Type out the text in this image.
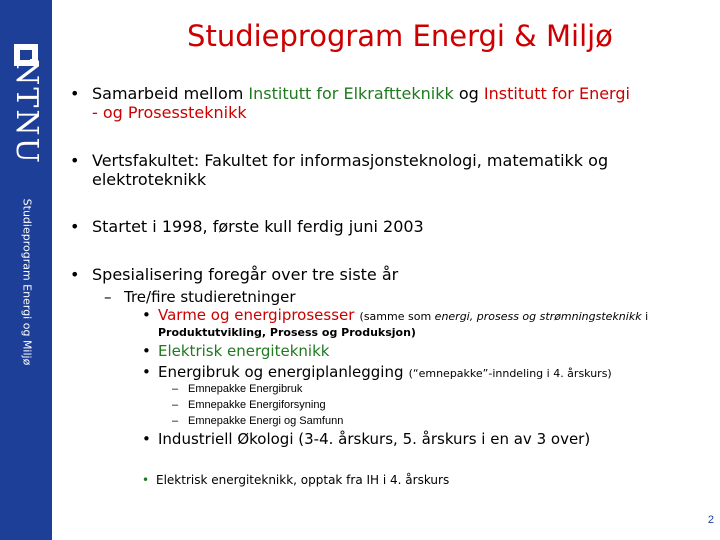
NTNU
Studieprogram Energi og Miljø
Studieprogram Energi & Miljø
• Samarbeid mellom Institutt for Elkraftteknikk og Institutt for Energi
- og Prosessteknikk
• Vertsfakultet: Fakultet for informasjonsteknologi, matematikk og
elektroteknikk
• Startet i 1998, første kull ferdig juni 2003
• Spesialisering foregår over tre siste år
– Tre/fire studieretninger
• Varme og energiprosesser (samme som energi, prosess og strømningsteknikk i
Produktutvikling, Prosess og Produksjon)
• Elektrisk energiteknikk
• Energibruk og energiplanlegging (“emnepakke”-inndeling i 4. årskurs)
– Emnepakke Energibruk
– Emnepakke Energiforsyning
– Emnepakke Energi og Samfunn
• Industriell Økologi (3-4. årskurs, 5. årskurs i en av 3 over)
• Elektrisk energiteknikk, opptak fra IH i 4. årskurs
2
